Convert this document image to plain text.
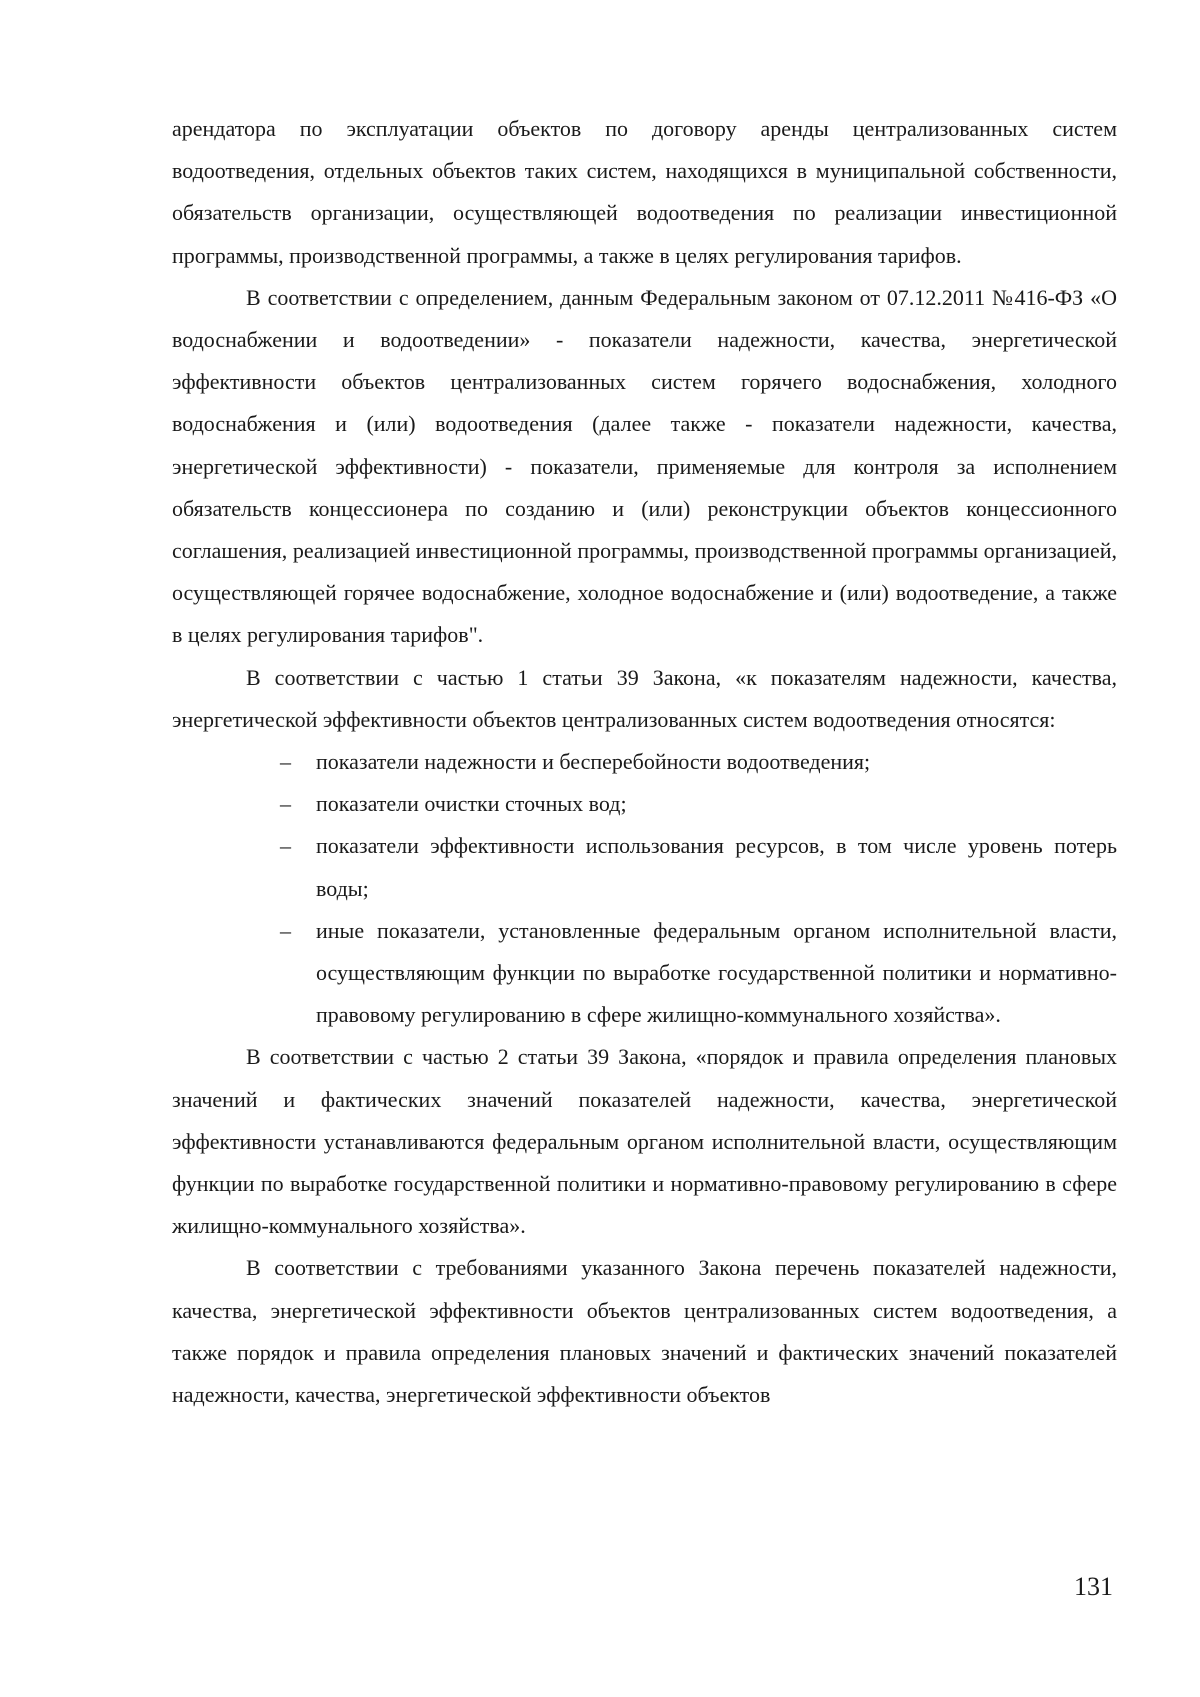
арендатора по эксплуатации объектов по договору аренды централизованных систем водоотведения, отдельных объектов таких систем, находящихся в муниципальной собственности, обязательств организации, осуществляющей водоотведения по реализации инвестиционной программы, производственной программы, а также в целях регулирования тарифов.

В соответствии с определением, данным Федеральным законом от 07.12.2011 №416-ФЗ «О водоснабжении и водоотведении» - показатели надежности, качества, энергетической эффективности объектов централизованных систем горячего водоснабжения, холодного водоснабжения и (или) водоотведения (далее также - показатели надежности, качества, энергетической эффективности) - показатели, применяемые для контроля за исполнением обязательств концессионера по созданию и (или) реконструкции объектов концессионного соглашения, реализацией инвестиционной программы, производственной программы организацией, осуществляющей горячее водоснабжение, холодное водоснабжение и (или) водоотведение, а также в целях регулирования тарифов".

В соответствии с частью 1 статьи 39 Закона, «к показателям надежности, качества, энергетической эффективности объектов централизованных систем водоотведения относятся:

– показатели надежности и бесперебойности водоотведения;
– показатели очистки сточных вод;
– показатели эффективности использования ресурсов, в том числе уровень потерь воды;
– иные показатели, установленные федеральным органом исполнительной власти, осуществляющим функции по выработке государственной политики и нормативно-правовому регулированию в сфере жилищно-коммунального хозяйства».

В соответствии с частью 2 статьи 39 Закона, «порядок и правила определения плановых значений и фактических значений показателей надежности, качества, энергетической эффективности устанавливаются федеральным органом исполнительной власти, осуществляющим функции по выработке государственной политики и нормативно-правовому регулированию в сфере жилищно-коммунального хозяйства».

В соответствии с требованиями указанного Закона перечень показателей надежности, качества, энергетической эффективности объектов централизованных систем водоотведения, а также порядок и правила определения плановых значений и фактических значений показателей надежности, качества, энергетической эффективности объектов

131
